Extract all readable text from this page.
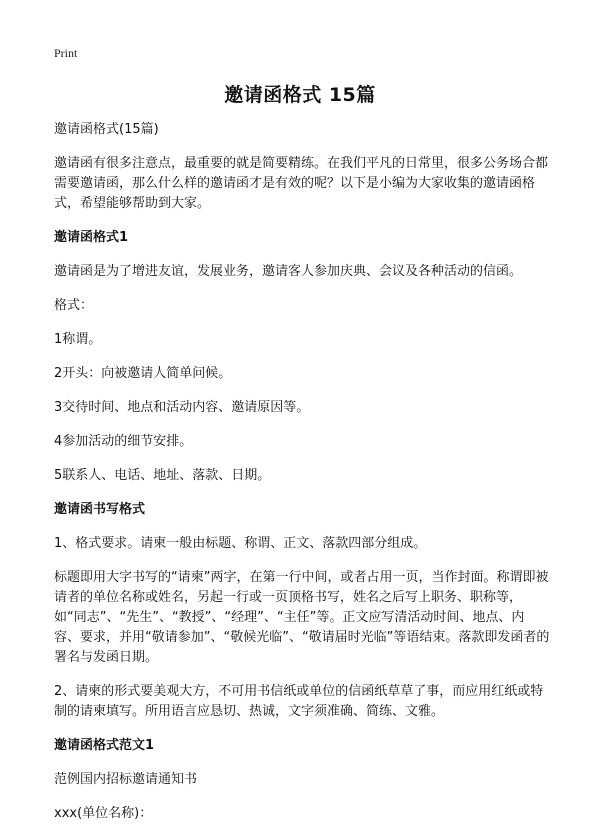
Print
邀请函格式 15篇

邀请函格式(15篇)

邀请函有很多注意点，最重要的就是简要精练。在我们平凡的日常里，很多公务场合都需要邀请函，那么什么样的邀请函才是有效的呢？以下是小编为大家收集的邀请函格式，希望能够帮助到大家。

邀请函格式1

邀请函是为了增进友谊，发展业务，邀请客人参加庆典、会议及各种活动的信函。

格式：

1称谓。

2开头：向被邀请人简单问候。

3交待时间、地点和活动内容、邀请原因等。

4参加活动的细节安排。

5联系人、电话、地址、落款、日期。

邀请函书写格式

1、格式要求。请柬一般由标题、称谓、正文、落款四部分组成。

标题即用大字书写的“请柬”两字，在第一行中间，或者占用一页，当作封面。称谓即被请者的单位名称或姓名，另起一行或一页顶格书写，姓名之后写上职务、职称等，如“同志”、“先生”、“教授”、“经理”、“主任”等。正文应写清活动时间、地点、内容、要求，并用“敬请参加”、“敬候光临”、“敬请届时光临”等语结束。落款即发函者的署名与发函日期。

2、请柬的形式要美观大方，不可用书信纸或单位的信函纸草草了事，而应用红纸或特制的请柬填写。所用语言应恳切、热诚，文字须准确、简练、文雅。

邀请函格式范文1

范例国内招标邀请通知书

xxx(单位名称)：
